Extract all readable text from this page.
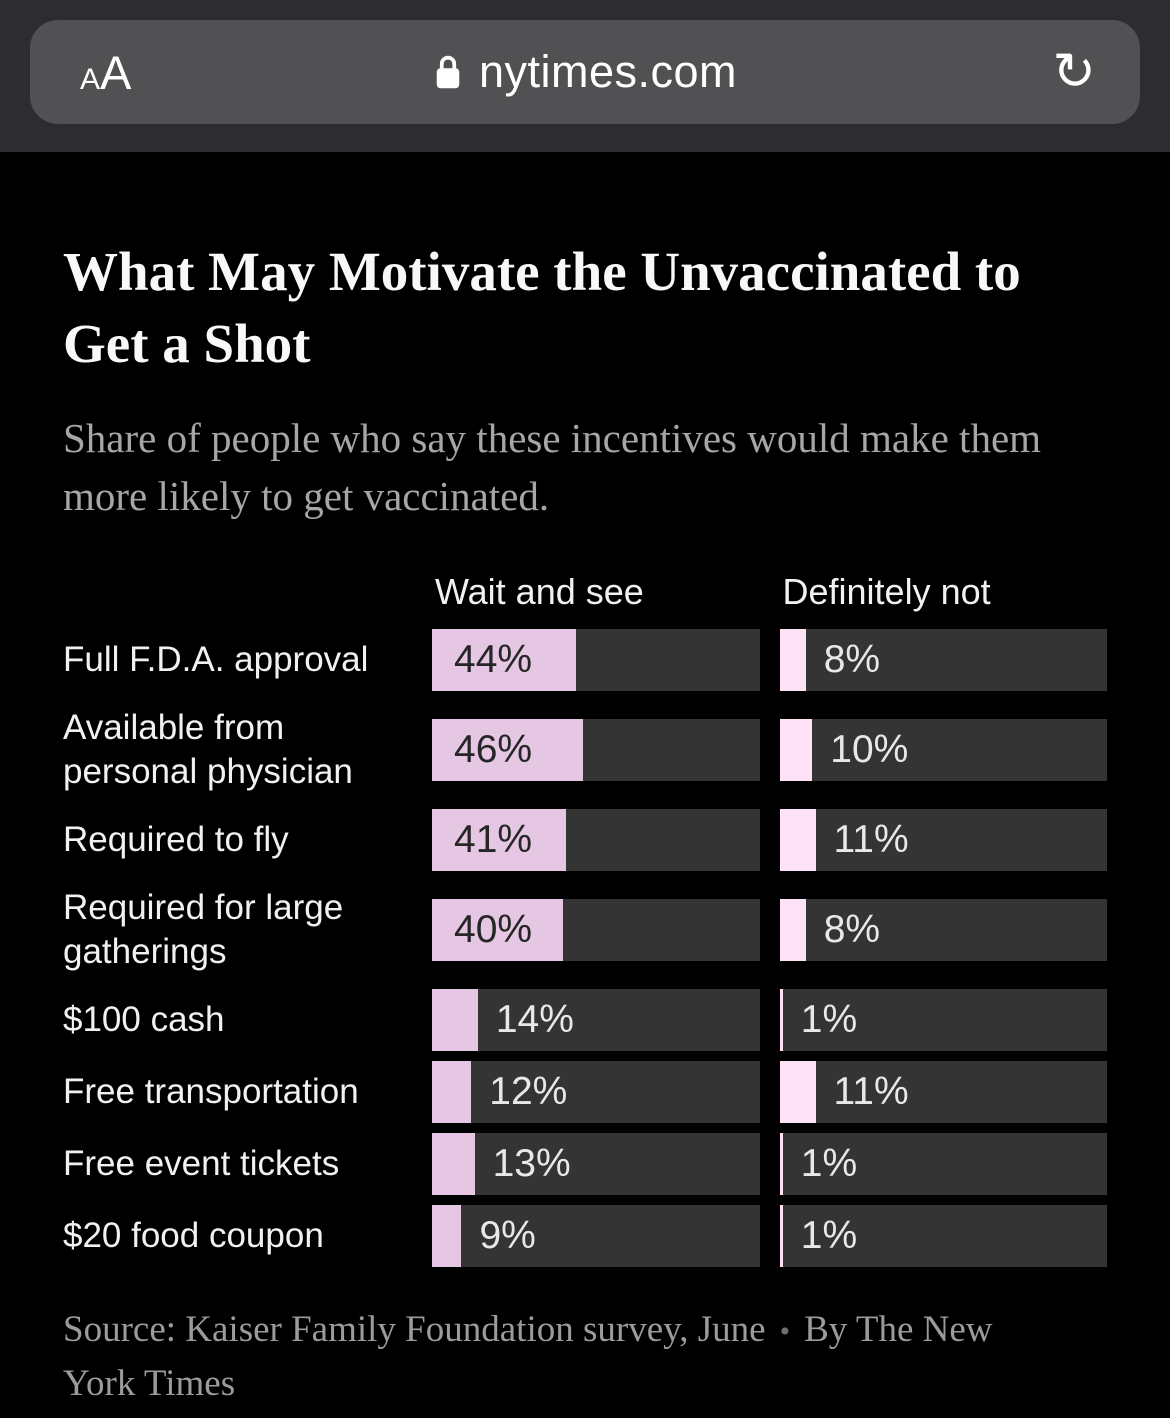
A A	nytimes.com	↻
What May Motivate the Unvaccinated to Get a Shot

Share of people who say these incentives would make them more likely to get vaccinated.

Wait and see	Definitely not
Full F.D.A. approval	44%	8%
Available from personal physician
46%	10%
Required to fly	41%	11%
Required for large gatherings
40%	8%
$100 cash	14%	1%
Free transportation	12%	11%
Free event tickets	13%	1%
$20 food coupon	9%	1%

Source: Kaiser Family Foundation survey, June • By The New York Times
